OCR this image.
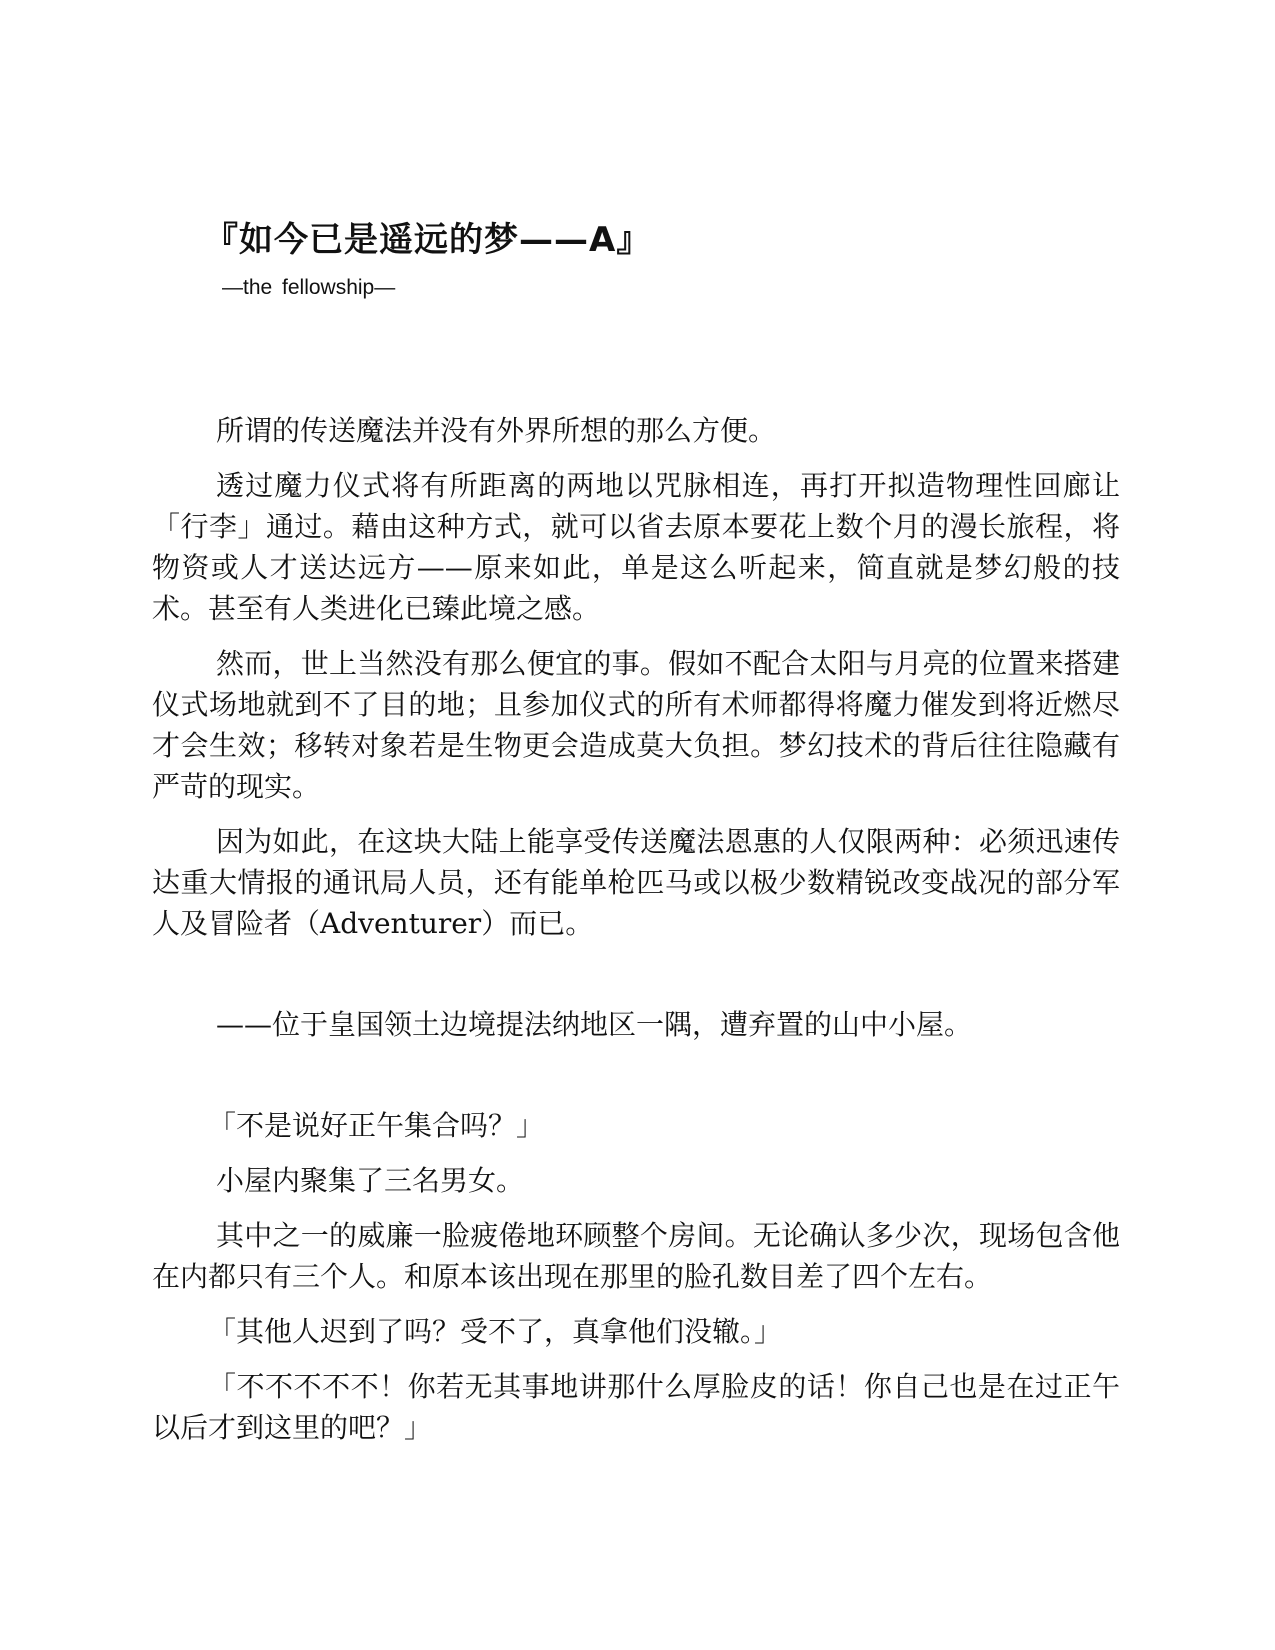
『如今已是遥远的梦——A』
—the fellowship—

所谓的传送魔法并没有外界所想的那么方便。

透过魔力仪式将有所距离的两地以咒脉相连，再打开拟造物理性回廊让「行李」通过。藉由这种方式，就可以省去原本要花上数个月的漫长旅程，将物资或人才送达远方——原来如此，单是这么听起来，简直就是梦幻般的技术。甚至有人类进化已臻此境之感。

然而，世上当然没有那么便宜的事。假如不配合太阳与月亮的位置来搭建仪式场地就到不了目的地；且参加仪式的所有术师都得将魔力催发到将近燃尽才会生效；移转对象若是生物更会造成莫大负担。梦幻技术的背后往往隐藏有严苛的现实。

因为如此，在这块大陆上能享受传送魔法恩惠的人仅限两种：必须迅速传达重大情报的通讯局人员，还有能单枪匹马或以极少数精锐改变战况的部分军人及冒险者（Adventurer）而已。

——位于皇国领土边境提法纳地区一隅，遭弃置的山中小屋。

「不是说好正午集合吗？」

小屋内聚集了三名男女。

其中之一的威廉一脸疲倦地环顾整个房间。无论确认多少次，现场包含他在内都只有三个人。和原本该出现在那里的脸孔数目差了四个左右。

「其他人迟到了吗？受不了，真拿他们没辙。」

「不不不不不！你若无其事地讲那什么厚脸皮的话！你自己也是在过正午以后才到这里的吧？」
